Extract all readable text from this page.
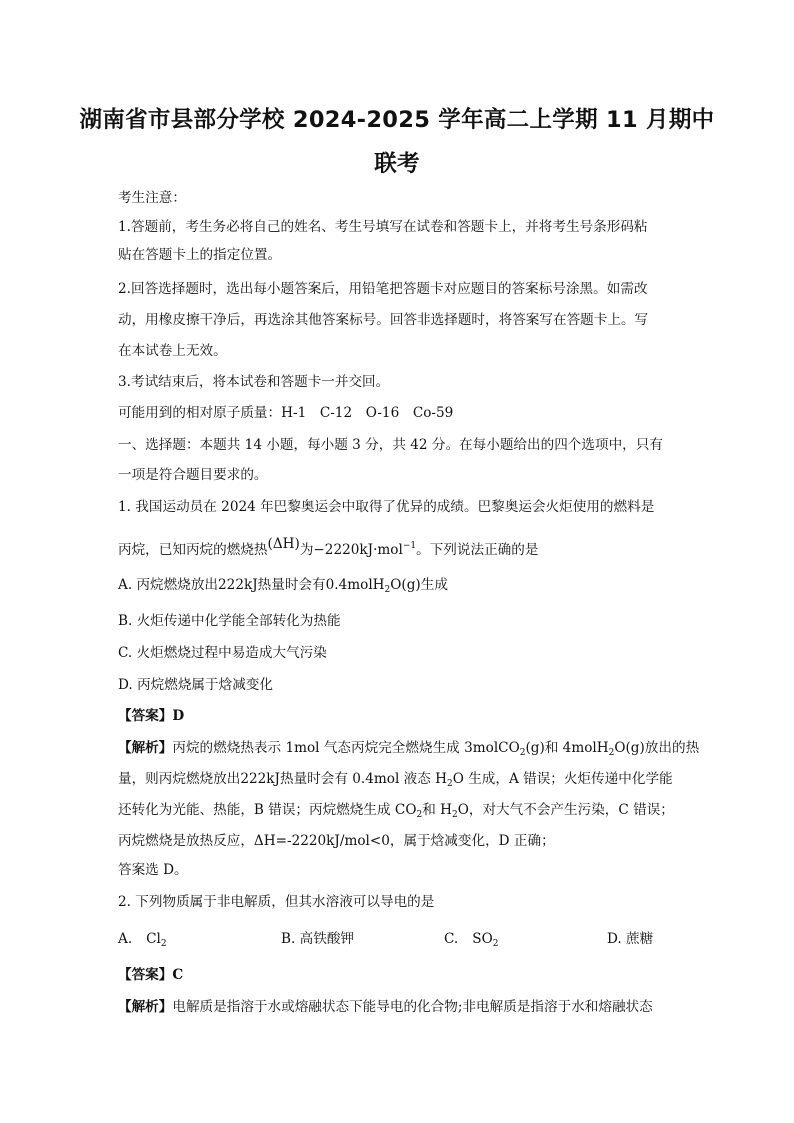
湖南省市县部分学校 2024-2025 学年高二上学期 11 月期中
联考
考生注意：
1.答题前，考生务必将自己的姓名、考生号填写在试卷和答题卡上，并将考生号条形码粘
贴在答题卡上的指定位置。
2.回答选择题时，选出每小题答案后，用铅笔把答题卡对应题目的答案标号涂黑。如需改
动，用橡皮擦干净后，再选涂其他答案标号。回答非选择题时，将答案写在答题卡上。写
在本试卷上无效。
3.考试结束后，将本试卷和答题卡一并交回。
可能用到的相对原子质量：H-1　C-12　O-16　Co-59
一、选择题：本题共 14 小题，每小题 3 分，共 42 分。在每小题给出的四个选项中，只有
一项是符合题目要求的。
1. 我国运动员在 2024 年巴黎奥运会中取得了优异的成绩。巴黎奥运会火炬使用的燃料是
丙烷，已知丙烷的燃烧热(ΔH)为−2220kJ·mol$^{-1}$。下列说法正确的是
A. 丙烷燃烧放出222kJ热量时会有0.4molH$_2$O(g)生成
B. 火炬传递中化学能全部转化为热能
C. 火炬燃烧过程中易造成大气污染
D. 丙烷燃烧属于焓减变化
【答案】D
【解析】丙烷的燃烧热表示 1mol 气态丙烷完全燃烧生成 3molCO$_2$(g)和 4molH$_2$O(g)放出的热
量，则丙烷燃烧放出222kJ热量时会有 0.4mol 液态 $H_2O$ 生成，A 错误；火炬传递中化学能
还转化为光能、热能，B 错误；丙烷燃烧生成 $CO_2$和 $H_2O$，对大气不会产生污染，C 错误；
丙烷燃烧是放热反应，ΔH=-2220kJ/mol<0，属于焓减变化，D 正确；
答案选 D。
2. 下列物质属于非电解质，但其水溶液可以导电的是
A. $Cl_2$	B. 高铁酸钾	C. $SO_2$	D. 蔗糖
【答案】C
【解析】电解质是指溶于水或熔融状态下能导电的化合物;非电解质是指溶于水和熔融状态
